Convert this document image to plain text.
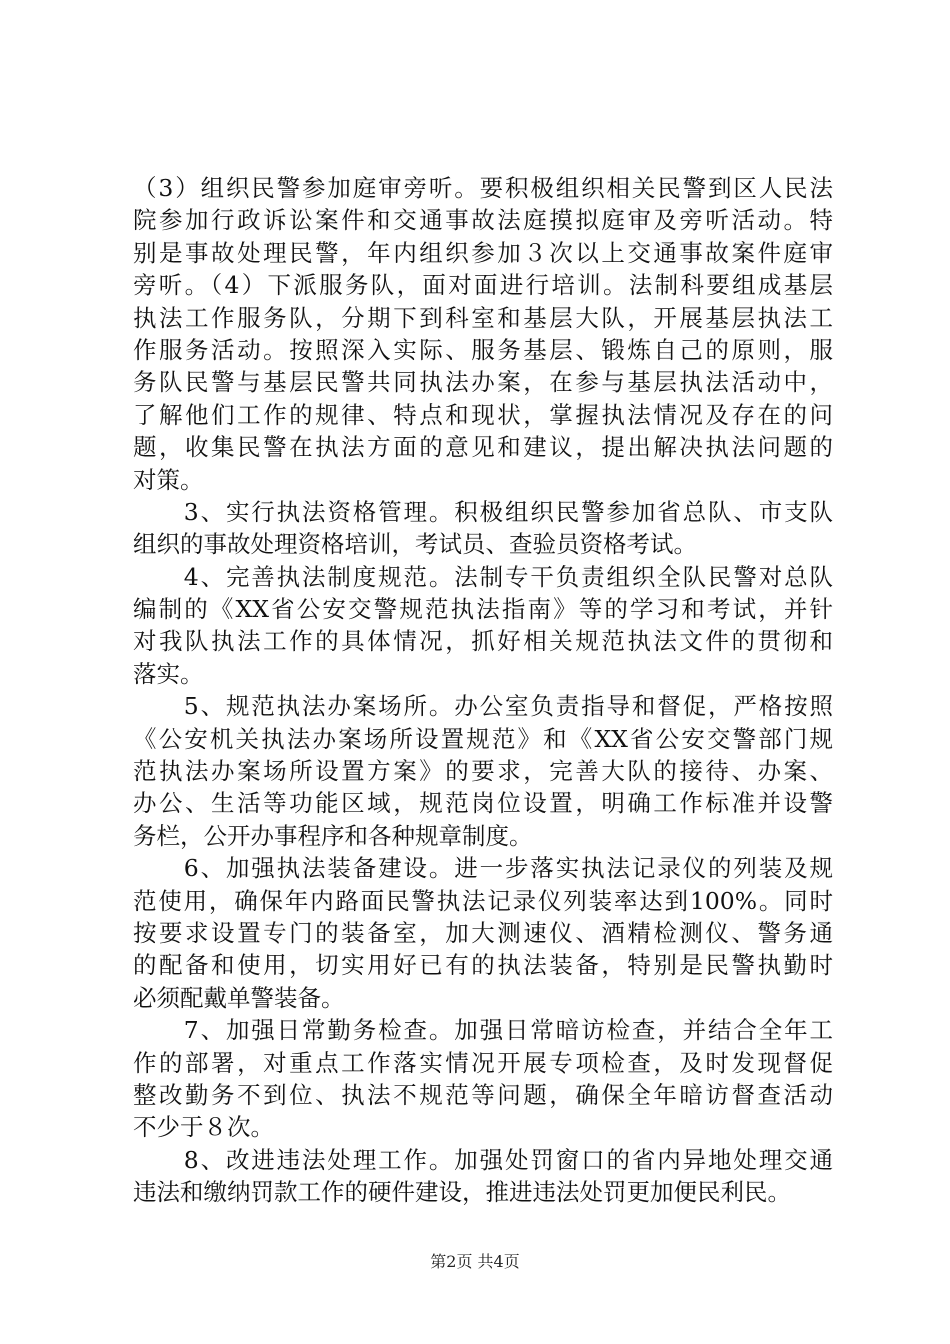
（3）组织民警参加庭审旁听。要积极组织相关民警到区人民法
院参加行政诉讼案件和交通事故法庭摸拟庭审及旁听活动。特
别是事故处理民警，年内组织参加３次以上交通事故案件庭审
旁听。（4）下派服务队，面对面进行培训。法制科要组成基层
执法工作服务队，分期下到科室和基层大队，开展基层执法工
作服务活动。按照深入实际、服务基层、锻炼自己的原则，服
务队民警与基层民警共同执法办案，在参与基层执法活动中，
了解他们工作的规律、特点和现状，掌握执法情况及存在的问
题，收集民警在执法方面的意见和建议，提出解决执法问题的
对策。
　　3、实行执法资格管理。积极组织民警参加省总队、市支队
组织的事故处理资格培训，考试员、查验员资格考试。
　　4、完善执法制度规范。法制专干负责组织全队民警对总队
编制的《XX省公安交警规范执法指南》等的学习和考试，并针
对我队执法工作的具体情况，抓好相关规范执法文件的贯彻和
落实。
　　5、规范执法办案场所。办公室负责指导和督促，严格按照
《公安机关执法办案场所设置规范》和《XX省公安交警部门规
范执法办案场所设置方案》的要求，完善大队的接待、办案、
办公、生活等功能区域，规范岗位设置，明确工作标准并设警
务栏，公开办事程序和各种规章制度。
　　6、加强执法装备建设。进一步落实执法记录仪的列装及规
范使用，确保年内路面民警执法记录仪列装率达到100%。同时
按要求设置专门的装备室，加大测速仪、酒精检测仪、警务通
的配备和使用，切实用好已有的执法装备，特别是民警执勤时
必须配戴单警装备。
　　7、加强日常勤务检查。加强日常暗访检查，并结合全年工
作的部署，对重点工作落实情况开展专项检查，及时发现督促
整改勤务不到位、执法不规范等问题，确保全年暗访督查活动
不少于８次。
　　8、改进违法处理工作。加强处罚窗口的省内异地处理交通
违法和缴纳罚款工作的硬件建设，推进违法处罚更加便民利民。
第2页 共4页
